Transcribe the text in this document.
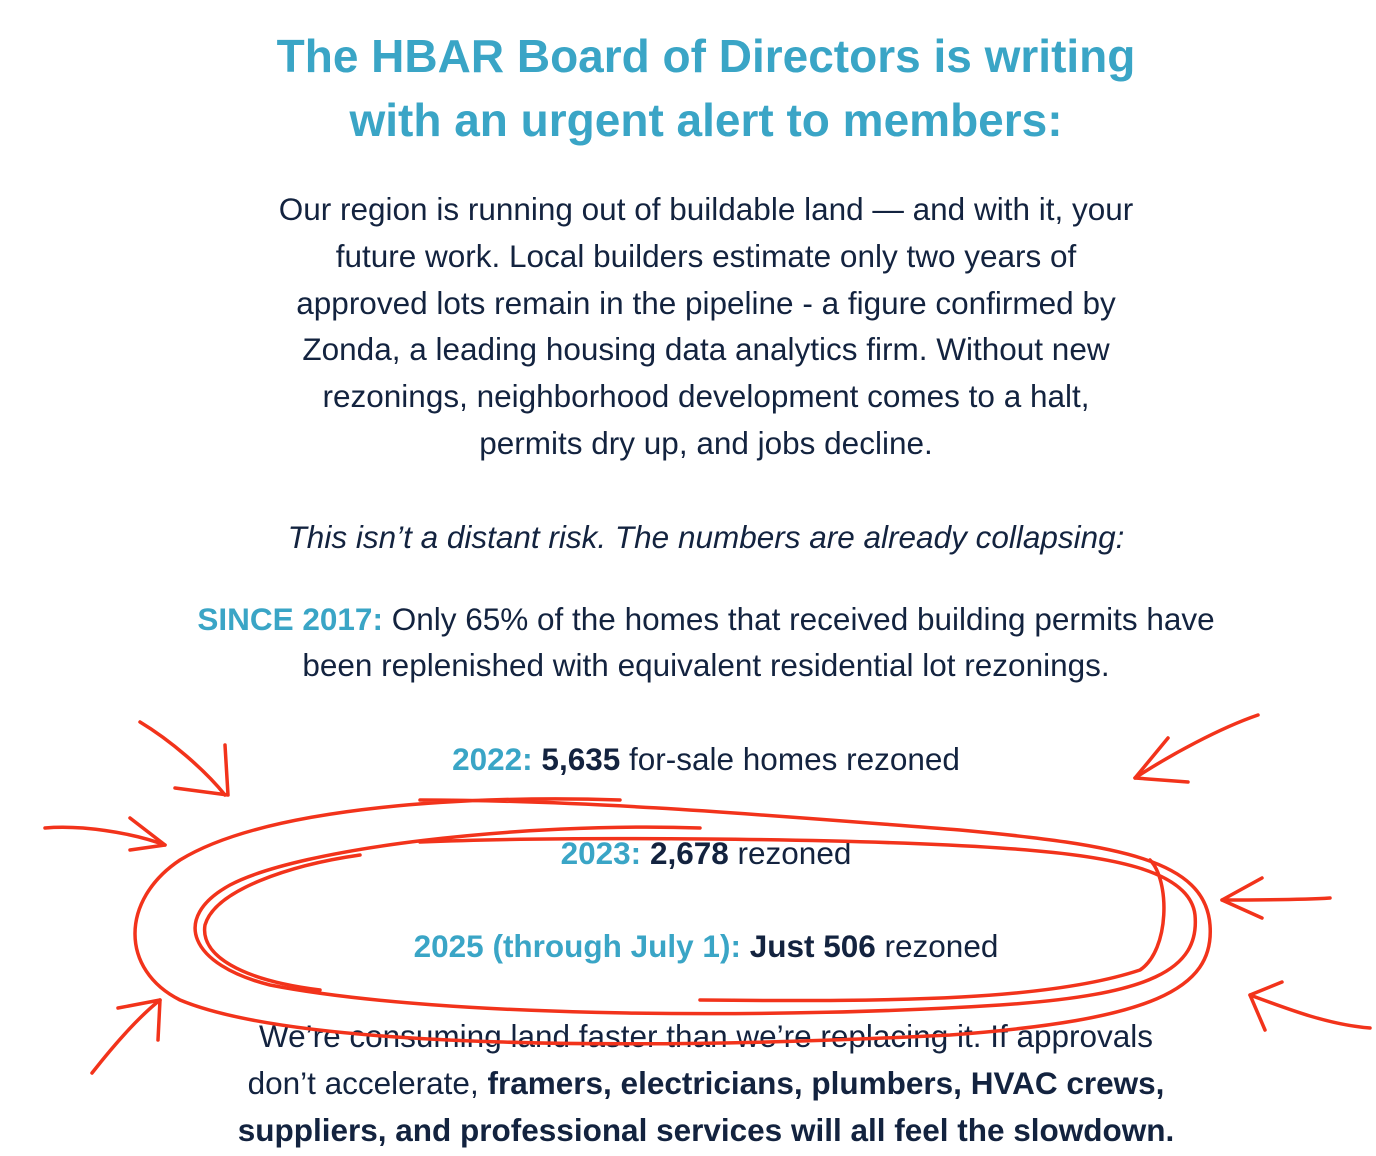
The HBAR Board of Directors is writing
with an urgent alert to members:

Our region is running out of buildable land — and with it, your
future work. Local builders estimate only two years of
approved lots remain in the pipeline - a figure confirmed by
Zonda, a leading housing data analytics firm. Without new
rezonings, neighborhood development comes to a halt,
permits dry up, and jobs decline.

This isn’t a distant risk. The numbers are already collapsing:

SINCE 2017: Only 65% of the homes that received building permits have
been replenished with equivalent residential lot rezonings.

2022: 5,635 for-sale homes rezoned

2023: 2,678 rezoned

2025 (through July 1): Just 506 rezoned

We’re consuming land faster than we’re replacing it. If approvals
don’t accelerate, framers, electricians, plumbers, HVAC crews,
suppliers, and professional services will all feel the slowdown.
